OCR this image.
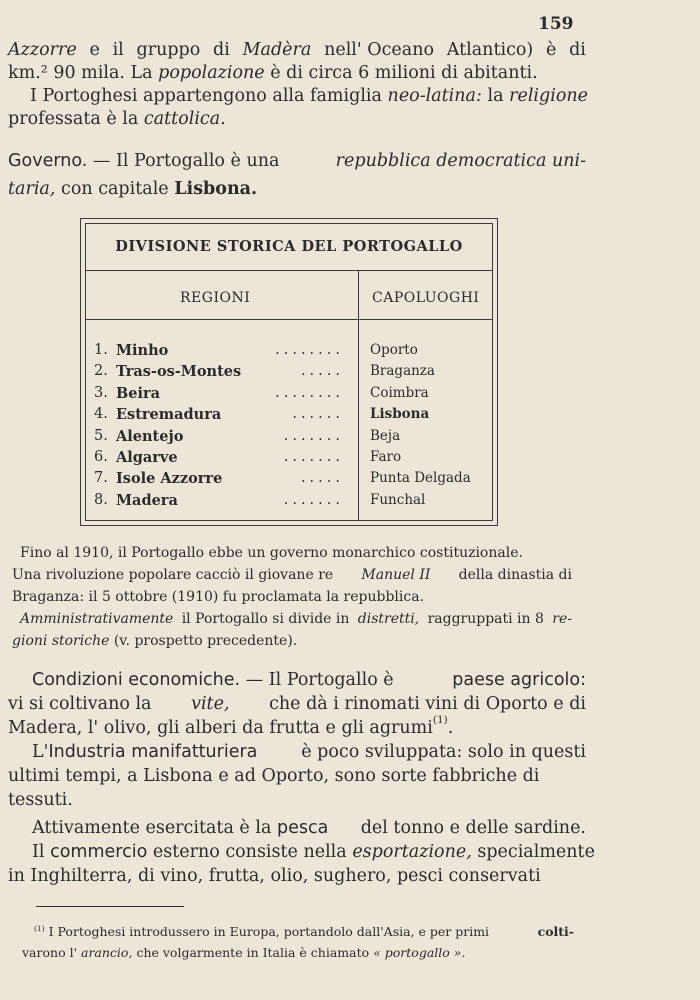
159
Azzorre e il gruppo di Madèra nell' Oceano Atlantico) è di
km.² 90 mila. La popolazione è di circa 6 milioni di abitanti.
I Portoghesi appartengono alla famiglia neo-latina: la religione
professata è la cattolica.
Governo. — Il Portogallo è una	repubblica democratica uni-
taria, con capitale Lisbona.
DIVISIONE STORICA DEL PORTOGALLO
REGIONI	CAPOLUOGHI
1. Minho	........ Oporto
2. Tras-os-Montes	..... Braganza
3. Beira	........ Coimbra
4. Estremadura	...... Lisbona
5. Alentejo	....... Beja
6. Algarve	....... Faro
7. Isole Azzorre	..... Punta Delgada
8. Madera	....... Funchal
Fino al 1910, il Portogallo ebbe un governo monarchico costituzionale.
Una rivoluzione popolare cacciò il giovane re Manuel II della dinastia di
Braganza: il 5 ottobre (1910) fu proclamata la repubblica.
Amministrativamente il Portogallo si divide in distretti, raggruppati in 8 re-
gioni storiche (v. prospetto precedente).
Condizioni economiche. — Il Portogallo è	paese agricolo:
vi si coltivano la vite, che dà i rinomati vini di Oporto e di
Madera, l' olivo, gli alberi da frutta e gli agrumi (1) .
L'Industria manifatturiera	è poco sviluppata: solo in questi
ultimi tempi, a Lisbona e ad Oporto, sono sorte fabbriche di
tessuti.
Attivamente esercitata è la pesca del tonno e delle sardine.
Il commercio esterno consiste nella esportazione, specialmente
in Inghilterra, di vino, frutta, olio, sughero, pesci conservati
$^{(1)}$ I Portoghesi introdussero in Europa, portandolo dall'Asia, e per primi	colti-
varono l' arancio, che volgarmente in Italia è chiamato « portogallo ».
